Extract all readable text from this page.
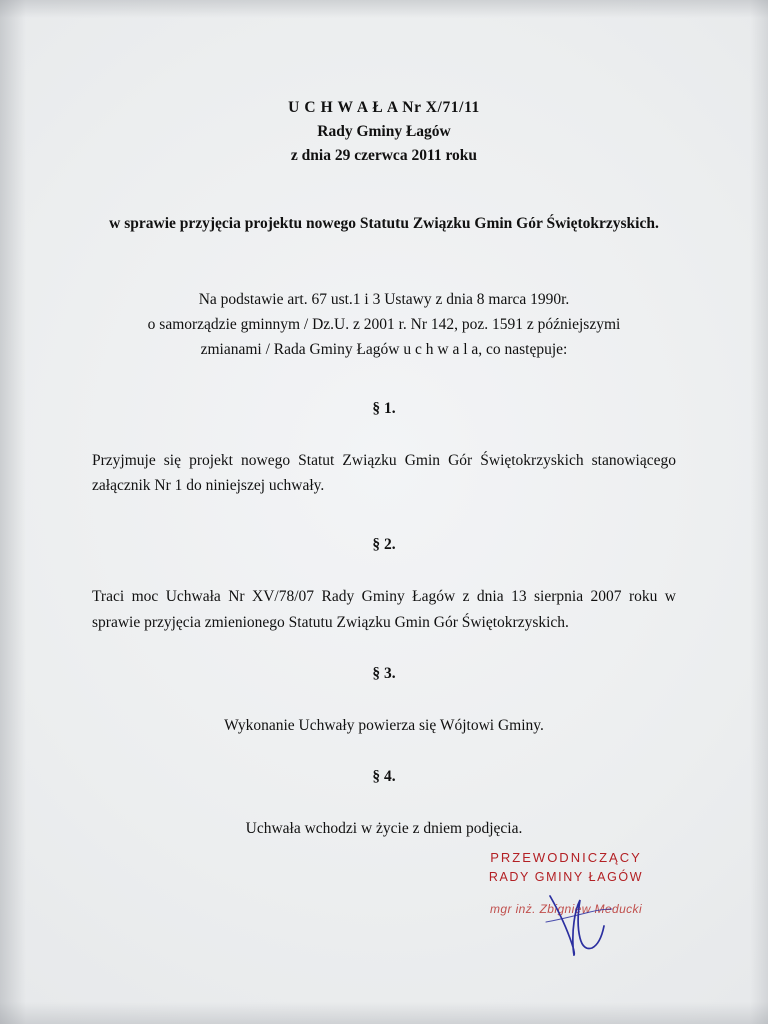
U C H W A Ł A Nr X/71/11
Rady Gminy Łagów
z dnia 29 czerwca 2011 roku
w sprawie przyjęcia projektu nowego Statutu Związku Gmin Gór Świętokrzyskich.
Na podstawie art. 67 ust.1 i 3 Ustawy z dnia 8 marca 1990r.
o samorządzie gminnym / Dz.U. z 2001 r. Nr 142, poz. 1591 z późniejszymi
zmianami / Rada Gminy Łagów u c h w a l a, co następuje:
§ 1.
Przyjmuje się projekt nowego Statut Związku Gmin Gór Świętokrzyskich stanowiącego załącznik Nr 1 do niniejszej uchwały.
§ 2.
Traci moc Uchwała Nr XV/78/07 Rady Gminy Łagów z dnia 13 sierpnia 2007 roku w sprawie przyjęcia zmienionego Statutu Związku Gmin Gór Świętokrzyskich.
§ 3.
Wykonanie Uchwały powierza się Wójtowi Gminy.
§ 4.
Uchwała wchodzi w życie z dniem podjęcia.
PRZEWODNICZĄCY
RADY GMINY ŁAGÓW
mgr inż. Zbigniew Meducki
